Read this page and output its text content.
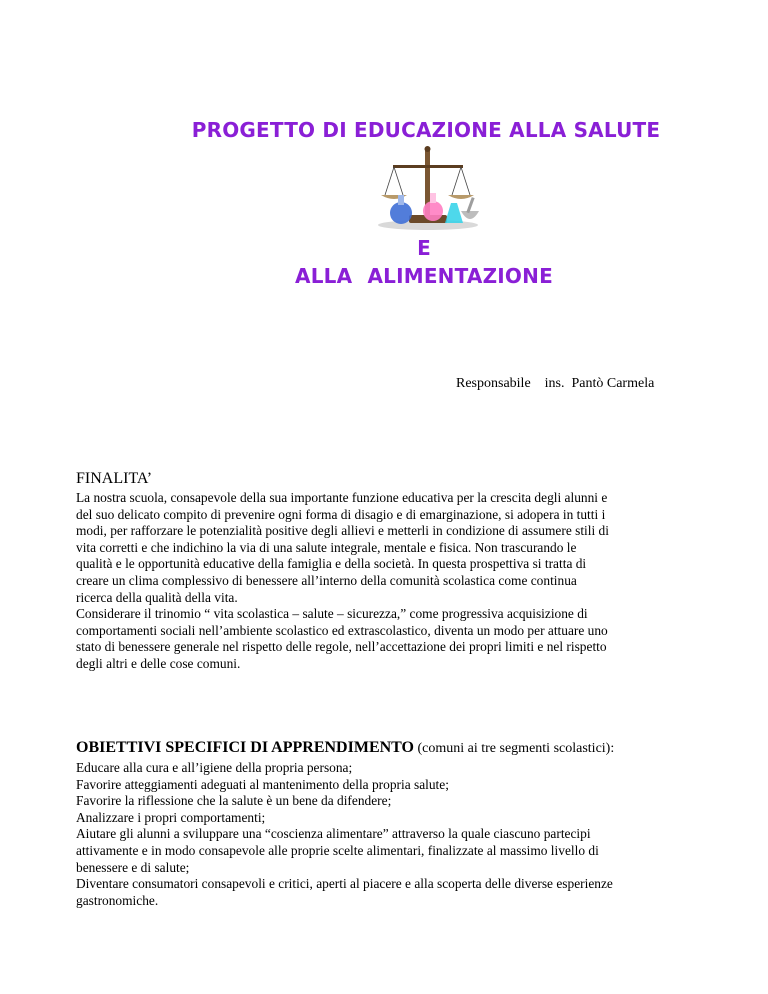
PROGETTO DI EDUCAZIONE ALLA SALUTE
E
ALLA ALIMENTAZIONE
Responsabile ins.  Pantò Carmela
FINALITA’
La nostra scuola, consapevole della sua importante funzione educativa per la crescita degli alunni e
del suo delicato compito di prevenire ogni forma di disagio e di emarginazione, si adopera in tutti i
modi, per rafforzare le potenzialità positive degli allievi e metterli in condizione di assumere stili di
vita corretti e che indichino la via di una salute integrale, mentale e fisica. Non trascurando le
qualità e le opportunità educative della famiglia e della società. In questa prospettiva si tratta di
creare un clima complessivo di benessere all’interno della comunità scolastica come continua
ricerca della qualità della vita.
Considerare il trinomio “ vita scolastica – salute – sicurezza,” come progressiva acquisizione di
comportamenti sociali nell’ambiente scolastico ed extrascolastico, diventa un modo per attuare uno
stato di benessere generale nel rispetto delle regole, nell’accettazione dei propri limiti e nel rispetto
degli altri e delle cose comuni.
OBIETTIVI SPECIFICI DI APPRENDIMENTO (comuni ai tre segmenti scolastici):
Educare alla cura e all’igiene della propria persona;
Favorire atteggiamenti adeguati al mantenimento della propria salute;
Favorire la riflessione che la salute è un bene da difendere;
Analizzare i propri comportamenti;
Aiutare gli alunni a sviluppare una “coscienza alimentare” attraverso la quale ciascuno partecipi
attivamente e in modo consapevole alle proprie scelte alimentari, finalizzate al massimo livello di
benessere e di salute;
Diventare consumatori consapevoli e critici, aperti al piacere e alla scoperta delle diverse esperienze
gastronomiche.
